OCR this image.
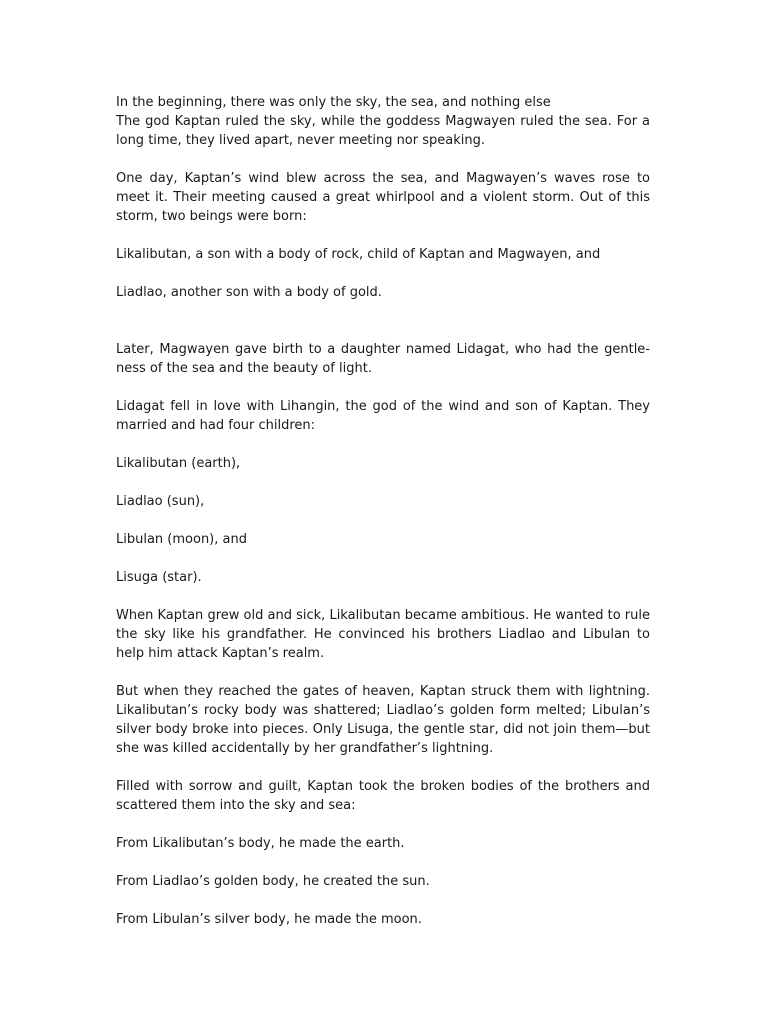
In the beginning, there was only the sky, the sea, and nothing else

The god Kaptan ruled the sky, while the goddess Magwayen ruled the sea. For a long time, they lived apart, never meeting nor speaking.

One day, Kaptan’s wind blew across the sea, and Magwayen’s waves rose to meet it. Their meeting caused a great whirlpool and a violent storm. Out of this storm, two beings were born:

Likalibutan, a son with a body of rock, child of Kaptan and Magwayen, and

Liadlao, another son with a body of gold.

Later, Magwayen gave birth to a daughter named Lidagat, who had the gentle-ness of the sea and the beauty of light.

Lidagat fell in love with Lihangin, the god of the wind and son of Kaptan. They married and had four children:

Likalibutan (earth),

Liadlao (sun),

Libulan (moon), and

Lisuga (star).

When Kaptan grew old and sick, Likalibutan became ambitious. He wanted to rule the sky like his grandfather. He convinced his brothers Liadlao and Libulan to help him attack Kaptan’s realm.

But when they reached the gates of heaven, Kaptan struck them with lightning. Likalibutan’s rocky body was shattered; Liadlao’s golden form melted; Libulan’s silver body broke into pieces. Only Lisuga, the gentle star, did not join them—but she was killed accidentally by her grandfather’s lightning.

Filled with sorrow and guilt, Kaptan took the broken bodies of the brothers and scattered them into the sky and sea:

From Likalibutan’s body, he made the earth.

From Liadlao’s golden body, he created the sun.

From Libulan’s silver body, he made the moon.
